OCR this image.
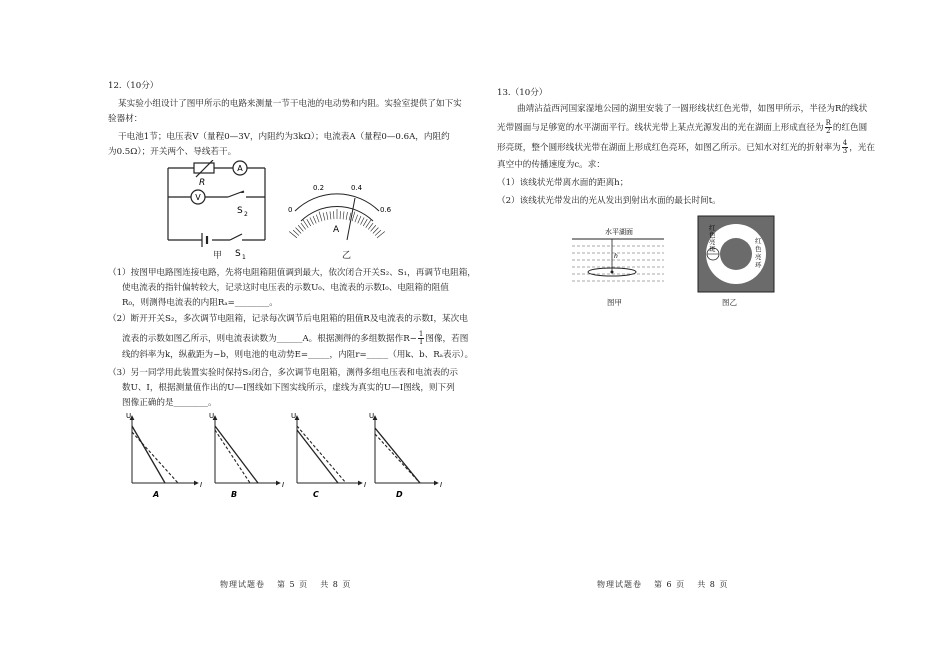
12.（10分）
某实验小组设计了图甲所示的电路来测量一节干电池的电动势和内阻。实验室提供了如下实
验器材：
干电池1节；电压表V（量程0—3V，内阻约为3kΩ）；电流表A（量程0—0.6A，内阻约
为0.5Ω）；开关两个、导线若干。
A
V
R
S 2
S 1
甲
0
0.2	0.4
0.6
A
乙
（1）按图甲电路图连接电路，先将电阻箱阻值调到最大，依次闭合开关S₂、S₁，再调节电阻箱，
使电流表的指针偏转较大，记录这时电压表的示数U₀、电流表的示数I₀、电阻箱的阻值
R₀，则测得电流表的内阻Rₐ=________。
（2）断开开关S₂，多次调节电阻箱，记录每次调节后电阻箱的阻值R及电流表的示数I，某次电
流表的示数如图乙所示，则电流表读数为______A。根据测得的多组数据作$R- \frac{1}{I}$ 图像，若图
线的斜率为k，纵截距为−b，则电池的电动势E=_____，内阻r=_____（用k、b、Rₐ表示）。
（3）另一同学用此装置实验时保持S₂闭合，多次调节电阻箱，测得多组电压表和电流表的示
数U、I，根据测量值作出的U—I图线如下图实线所示，虚线为真实的U—I图线，则下列
图像正确的是________。
U
I
A
U
I
B
U
I
C
U
I
D
物理试题卷 第 5 页 共 8 页
13.（10分）
曲靖沾益西河国家湿地公园的湖里安装了一圆形线状红色光带，如图甲所示，半径为R的线状
光带圆面与足够宽的水平湖面平行。线状光带上某点光源发出的光在湖面上形成直径为 $\frac{R}{2}$ 的红色圆
形亮斑，整个圆形线状光带在湖面上形成红色亮环，如图乙所示。已知水对红光的折射率为 $\frac{4}{3}$ ，光在
真空中的传播速度为c。求：
（1）该线状光带离水面的距离h；
（2）该线状光带发出的光从发出到射出水面的最长时间t。
水平湖面
h
图甲
红
色
亮
斑
红
色
亮
环
图乙
物理试题卷 第 6 页 共 8 页
